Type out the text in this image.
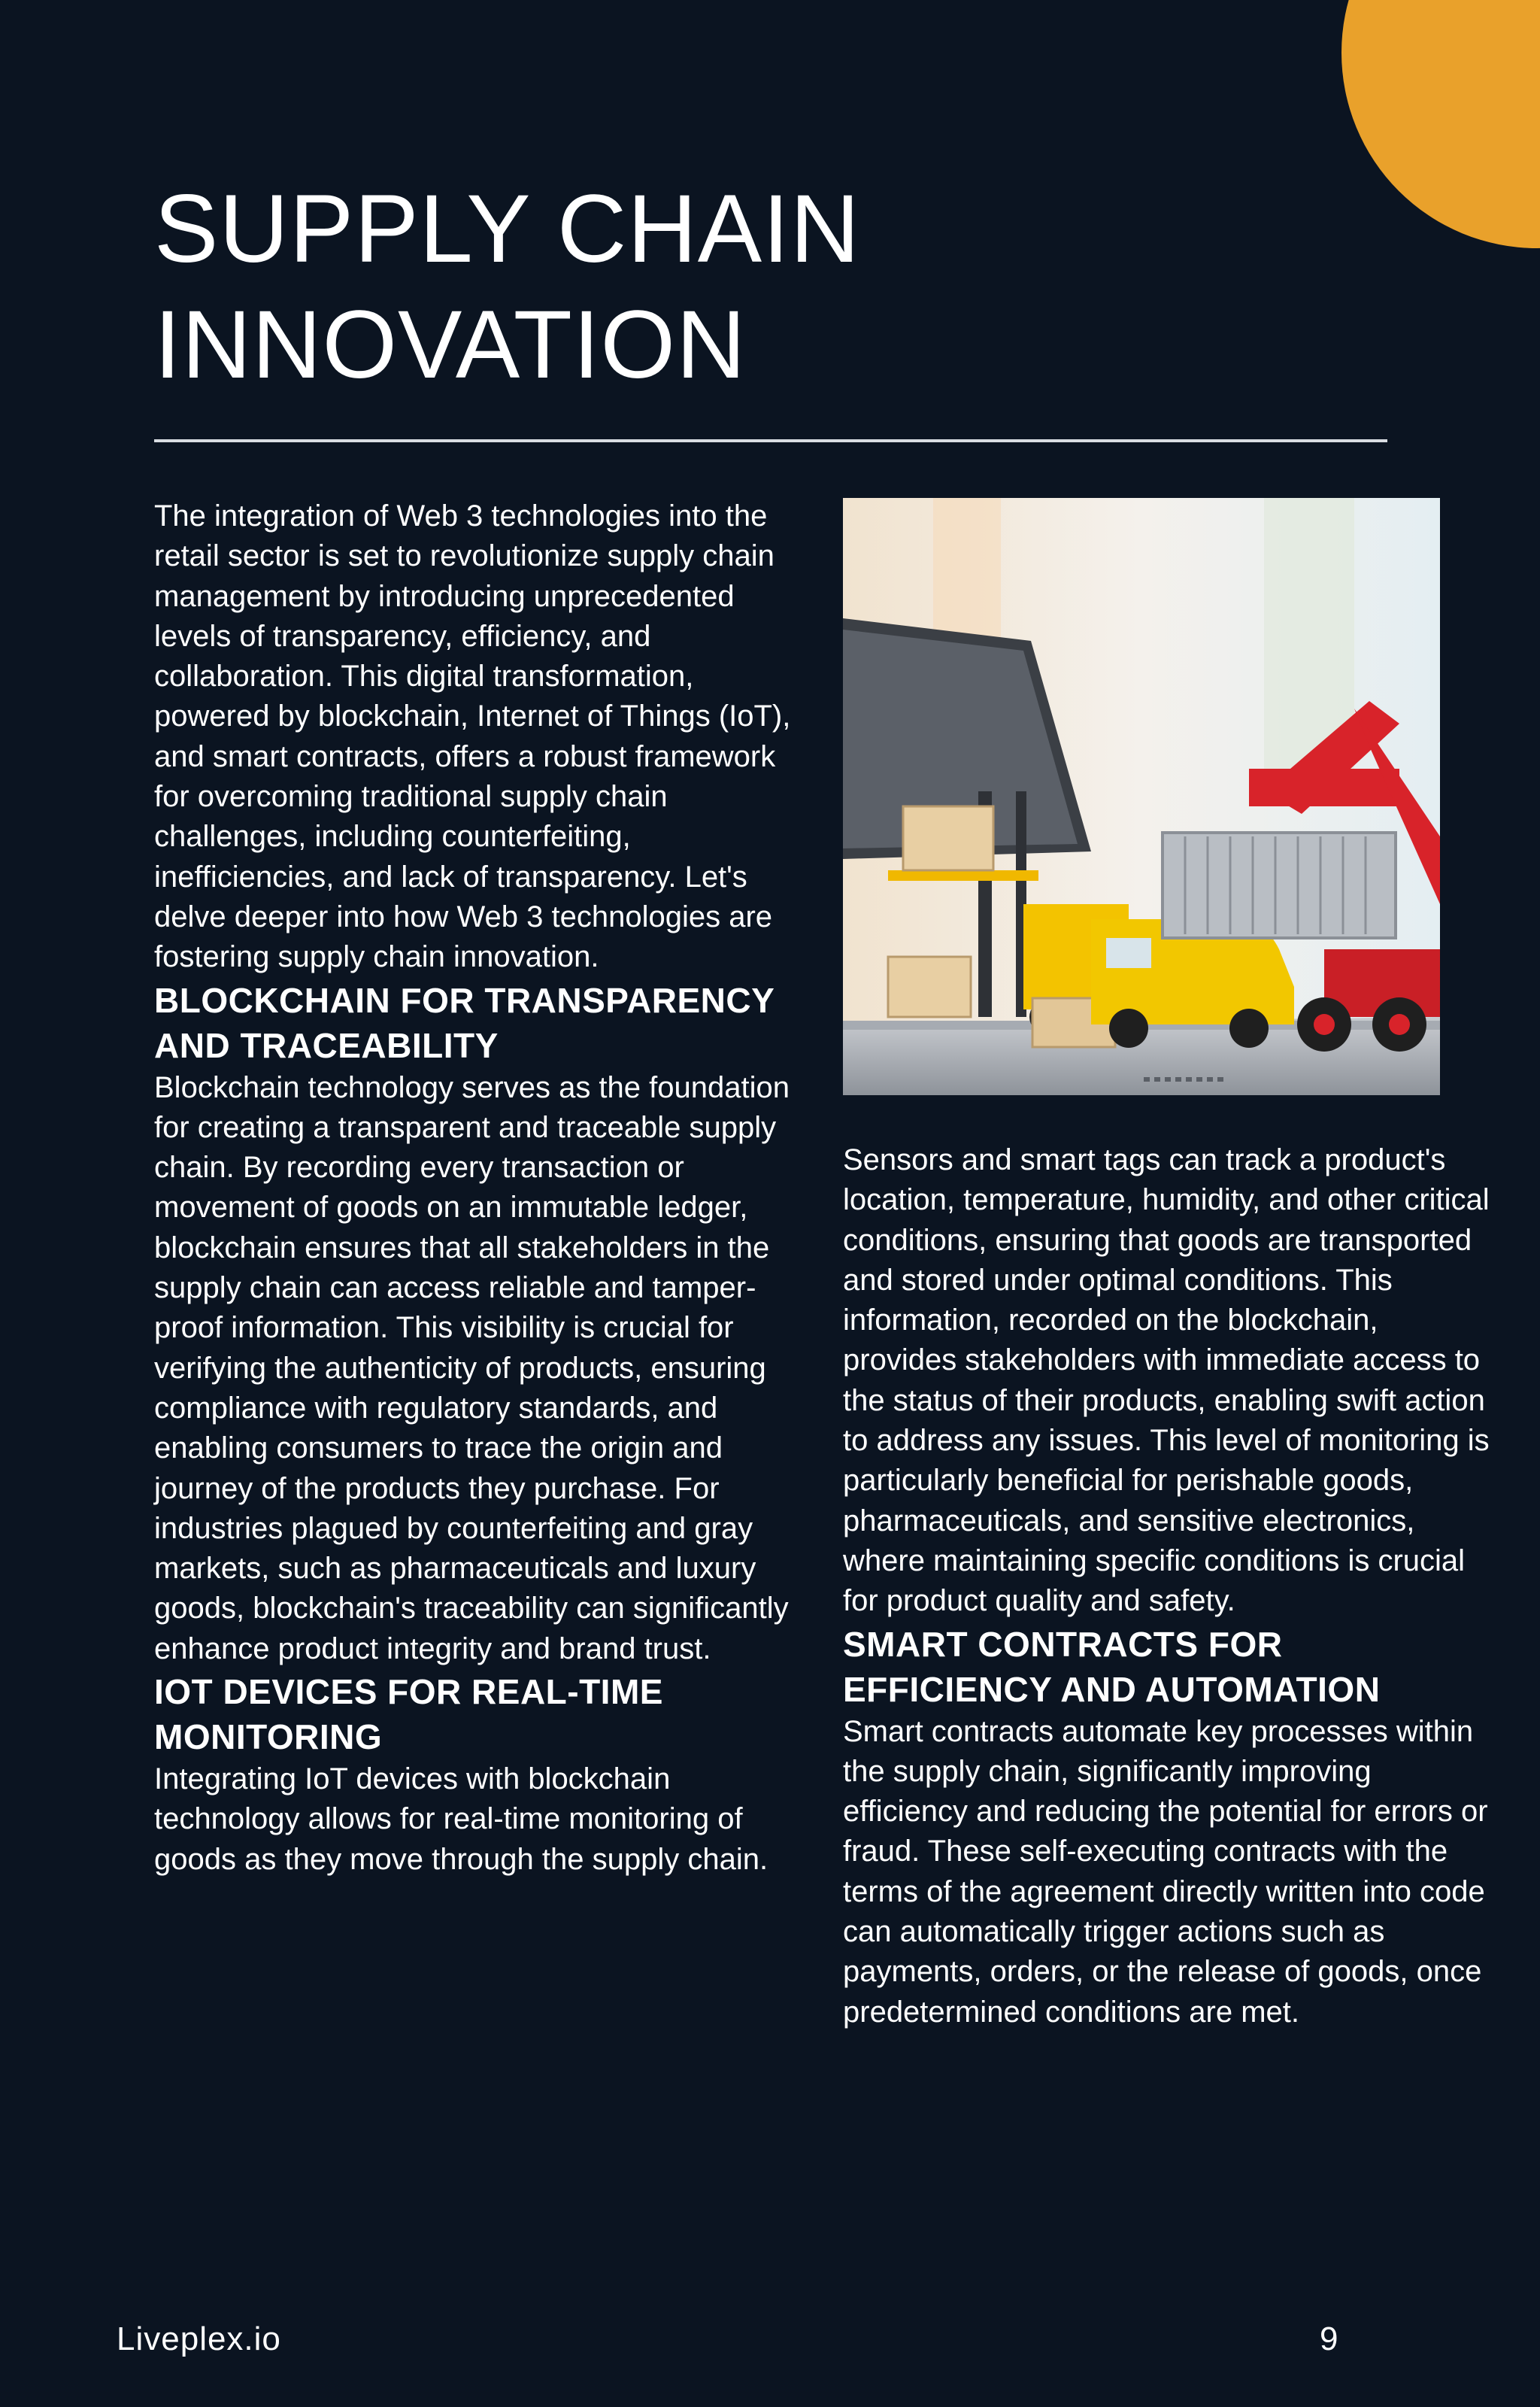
SUPPLY CHAIN
INNOVATION

The integration of Web 3 technologies into the retail sector is set to revolutionize supply chain management by introducing unprecedented levels of transparency, efficiency, and collaboration. This digital transformation, powered by blockchain, Internet of Things (IoT), and smart contracts, offers a robust framework for overcoming traditional supply chain challenges, including counterfeiting, inefficiencies, and lack of transparency. Let's delve deeper into how Web 3 technologies are fostering supply chain innovation.

BLOCKCHAIN FOR TRANSPARENCY AND TRACEABILITY

Blockchain technology serves as the foundation for creating a transparent and traceable supply chain. By recording every transaction or movement of goods on an immutable ledger, blockchain ensures that all stakeholders in the supply chain can access reliable and tamper-proof information. This visibility is crucial for verifying the authenticity of products, ensuring compliance with regulatory standards, and enabling consumers to trace the origin and journey of the products they purchase. For industries plagued by counterfeiting and gray markets, such as pharmaceuticals and luxury goods, blockchain's traceability can significantly enhance product integrity and brand trust.

IOT DEVICES FOR REAL-TIME MONITORING

Integrating IoT devices with blockchain technology allows for real-time monitoring of goods as they move through the supply chain.

Sensors and smart tags can track a product's location, temperature, humidity, and other critical conditions, ensuring that goods are transported and stored under optimal conditions. This information, recorded on the blockchain, provides stakeholders with immediate access to the status of their products, enabling swift action to address any issues. This level of monitoring is particularly beneficial for perishable goods, pharmaceuticals, and sensitive electronics, where maintaining specific conditions is crucial for product quality and safety.

SMART CONTRACTS FOR EFFICIENCY AND AUTOMATION

Smart contracts automate key processes within the supply chain, significantly improving efficiency and reducing the potential for errors or fraud. These self-executing contracts with the terms of the agreement directly written into code can automatically trigger actions such as payments, orders, or the release of goods, once predetermined conditions are met.

Liveplex.io	9
